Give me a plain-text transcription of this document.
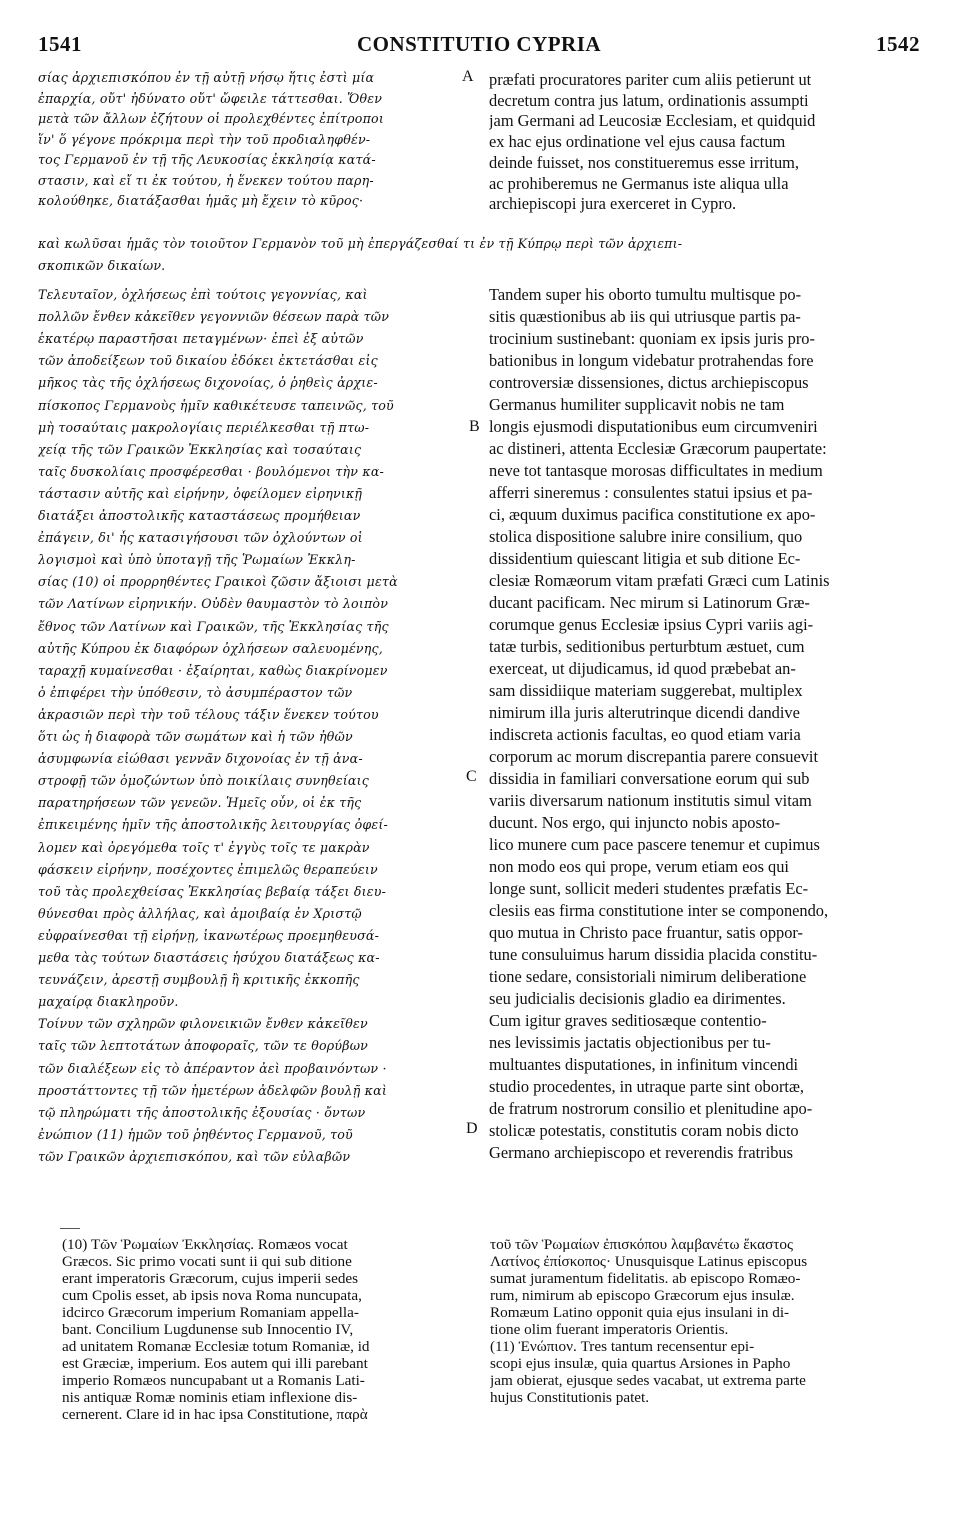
1541	CONSTITUTIO CYPRIA	1542
A
B
C
D
σίας ἀρχιεπισκόπου ἐν τῇ αὐτῇ νήσῳ ἥτις ἐστὶ μία
ἐπαρχία, οὔτ' ἠδύνατο οὔτ' ὤφειλε τάττεσθαι. Ὅθεν
μετὰ τῶν ἄλλων ἐζήτουν οἱ προλεχθέντες ἐπίτροποι
ἵν' ὅ γέγονε πρόκριμα περὶ τὴν τοῦ προδιαληφθέν-
τος Γερμανοῦ ἐν τῇ τῆς Λευκοσίας ἐκκλησίᾳ κατά-
στασιν, καὶ εἴ τι ἐκ τούτου, ἡ ἕνεκεν τούτου παρη-
κολούθηκε, διατάξασθαι ἡμᾶς μὴ ἔχειν τὸ κῦρος·
καὶ κωλῦσαι ἡμᾶς τὸν τοιοῦτον Γερμανὸν τοῦ μὴ ἐπεργάζεσθαί τι ἐν τῇ Κύπρῳ περὶ τῶν ἀρχιεπι-
σκοπικῶν δικαίων.
Τελευταῖον, ὀχλήσεως ἐπὶ τούτοις γεγοννίας, καὶ
πολλῶν ἔνθεν κἀκεῖθεν γεγοννιῶν θέσεων παρὰ τῶν
ἑκατέρῳ παραστῆσαι πεταγμένων· ἐπεὶ ἐξ αὐτῶν
τῶν ἀποδείξεων τοῦ δικαίου ἐδόκει ἐκτετάσθαι εἰς
μῆκος τὰς τῆς ὀχλήσεως διχονοίας, ὁ ῥηθεὶς ἀρχιε-
πίσκοπος Γερμανοὺς ἡμῖν καθικέτευσε ταπεινῶς, τοῦ
μὴ τοσαύταις μακρολογίαις περιέλκεσθαι τῇ πτω-
χείᾳ τῆς τῶν Γραικῶν Ἐκκλησίας καὶ τοσαύταις
ταῖς δυσκολίαις προσφέρεσθαι · βουλόμενοι τὴν κα-
τάστασιν αὐτῆς καὶ εἰρήνην, ὀφείλομεν εἰρηνικῇ
διατάξει ἀποστολικῆς καταστάσεως προμήθειαν
ἐπάγειν, δι' ἧς κατασιγήσουσι τῶν ὀχλούντων οἱ
λογισμοὶ καὶ ὑπὸ ὑποταγῇ τῆς Ῥωμαίων Ἐκκλη-
σίας (10) οἱ προρρηθέντες Γραικοὶ ζῶσιν ἄξιοισι μετὰ
τῶν Λατίνων εἰρηνικήν. Οὐδὲν θαυμαστὸν τὸ λοιπὸν
ἔθνος τῶν Λατίνων καὶ Γραικῶν, τῆς Ἐκκλησίας τῆς
αὐτῆς Κύπρου ἐκ διαφόρων ὀχλήσεων σαλευομένης,
ταραχῇ κυμαίνεσθαι · ἐξαίρηται, καθὼς διακρίνομεν
ὁ ἐπιφέρει τὴν ὑπόθεσιν, τὸ ἀσυμπέραστον τῶν
ἀκρασιῶν περὶ τὴν τοῦ τέλους τάξιν ἕνεκεν τούτου
ὅτι ὡς ἡ διαφορὰ τῶν σωμάτων καὶ ἡ τῶν ἠθῶν
ἀσυμφωνία εἰώθασι γεννᾶν διχονοίας ἐν τῇ ἀνα-
στροφῇ τῶν ὁμοζώντων ὑπὸ ποικίλαις συνηθείαις
παρατηρήσεων τῶν γενεῶν. Ἡμεῖς οὖν, οἱ ἐκ τῆς
ἐπικειμένης ἡμῖν τῆς ἀποστολικῆς λειτουργίας ὀφεί-
λομεν καὶ ὀρεγόμεθα τοῖς τ' ἐγγὺς τοῖς τε μακρὰν
φάσκειν εἰρήνην, ποσέχοντες ἐπιμελῶς θεραπεύειν
τοῦ τὰς προλεχθείσας Ἐκκλησίας βεβαίᾳ τάξει διευ-
θύνεσθαι πρὸς ἀλλήλας, καὶ ἀμοιβαίᾳ ἐν Χριστῷ
εὐφραίνεσθαι τῇ εἰρήνῃ, ἱκανωτέρως προεμηθευσά-
μεθα τὰς τούτων διαστάσεις ἡσύχου διατάξεως κα-
τευνάζειν, ἀρεστῇ συμβουλῇ ἢ κριτικῆς ἐκκοπῆς
μαχαίρᾳ διακληροῦν.
Τοίνυν τῶν σχληρῶν φιλονεικιῶν ἔνθεν κἀκεῖθεν
ταῖς τῶν λεπτοτάτων ἀποφοραῖς, τῶν τε θορύβων
τῶν διαλέξεων εἰς τὸ ἀπέραντον ἀεὶ προβαινόντων ·
προστάττοντες τῇ τῶν ἡμετέρων ἀδελφῶν βουλῇ καὶ
τῷ πληρώματι τῆς ἀποστολικῆς ἐξουσίας · ὄντων
ἐνώπιον (11) ἡμῶν τοῦ ῥηθέντος Γερμανοῦ, τοῦ
τῶν Γραικῶν ἀρχιεπισκόπου, καὶ τῶν εὐλαβῶν
præfati procuratores pariter cum aliis petierunt ut
decretum contra jus latum, ordinationis assumpti
jam Germani ad Leucosiæ Ecclesiam, et quidquid
ex hac ejus ordinatione vel ejus causa factum
deinde fuisset, nos constitueremus esse irritum,
ac prohiberemus ne Germanus iste aliqua ulla
archiepiscopi jura exerceret in Cypro.
Tandem super his oborto tumultu multisque po-
sitis quæstionibus ab iis qui utriusque partis pa-
trocinium sustinebant: quoniam ex ipsis juris pro-
bationibus in longum videbatur protrahendas fore
controversiæ dissensiones, dictus archiepiscopus
Germanus humiliter supplicavit nobis ne tam
longis ejusmodi disputationibus eum circumveniri
ac distineri, attenta Ecclesiæ Græcorum paupertate:
neve tot tantasque morosas difficultates in medium
afferri sineremus : consulentes statui ipsius et pa-
ci, æquum duximus pacifica constitutione ex apo-
stolica dispositione salubre inire consilium, quo
dissidentium quiescant litigia et sub ditione Ec-
clesiæ Romæorum vitam præfati Græci cum Latinis
ducant pacificam. Nec mirum si Latinorum Græ-
corumque genus Ecclesiæ ipsius Cypri variis agi-
tatæ turbis, seditionibus perturbtum æstuet, cum
exerceat, ut dijudicamus, id quod præbebat an-
sam dissidiique materiam suggerebat, multiplex
nimirum illa juris alterutrinque dicendi dandive
indiscreta actionis facultas, eo quod etiam varia
corporum ac morum discrepantia parere consuevit
dissidia in familiari conversatione eorum qui sub
variis diversarum nationum institutis simul vitam
ducunt. Nos ergo, qui injuncto nobis aposto-
lico munere cum pace pascere tenemur et cupimus
non modo eos qui prope, verum etiam eos qui
longe sunt, sollicit mederi studentes præfatis Ec-
clesiis eas firma constitutione inter se componendo,
quo mutua in Christo pace fruantur, satis oppor-
tune consuluimus harum dissidia placida constitu-
tione sedare, consistoriali nimirum deliberatione
seu judicialis decisionis gladio ea dirimentes.
Cum igitur graves seditiosæque contentio-
nes levissimis jactatis objectionibus per tu-
multuantes disputationes, in infinitum vincendi
studio procedentes, in utraque parte sint obortæ,
de fratrum nostrorum consilio et plenitudine apo-
stolicæ potestatis, constitutis coram nobis dicto
Germano archiepiscopo et reverendis fratribus
(10) Τῶν Ῥωμαίων Ἐκκλησίας. Romæos vocat
Græcos. Sic primo vocati sunt ii qui sub ditione
erant imperatoris Græcorum, cujus imperii sedes
cum Cpolis esset, ab ipsis nova Roma nuncupata,
idcirco Græcorum imperium Romaniam appella-
bant. Concilium Lugdunense sub Innocentio IV,
ad unitatem Romanæ Ecclesiæ totum Romaniæ, id
est Græciæ, imperium. Eos autem qui illi parebant
imperio Romæos nuncupabant ut a Romanis Lati-
nis antiquæ Romæ nominis etiam inflexione dis-
cernerent. Clare id in hac ipsa Constitutione, παρὰ
τοῦ τῶν Ῥωμαίων ἐπισκόπου λαμβανέτω ἕκαστος
Λατίνος ἐπίσκοπος· Unusquisque Latinus episcopus
sumat juramentum fidelitatis. ab episcopo Romæo-
rum, nimirum ab episcopo Græcorum ejus insulæ.
Romæum Latino opponit quia ejus insulani in di-
tione olim fuerant imperatoris Orientis.
(11) Ἐνώπιον. Tres tantum recensentur epi-
scopi ejus insulæ, quia quartus Arsiones in Papho
jam obierat, ejusque sedes vacabat, ut extrema parte
hujus Constitutionis patet.
